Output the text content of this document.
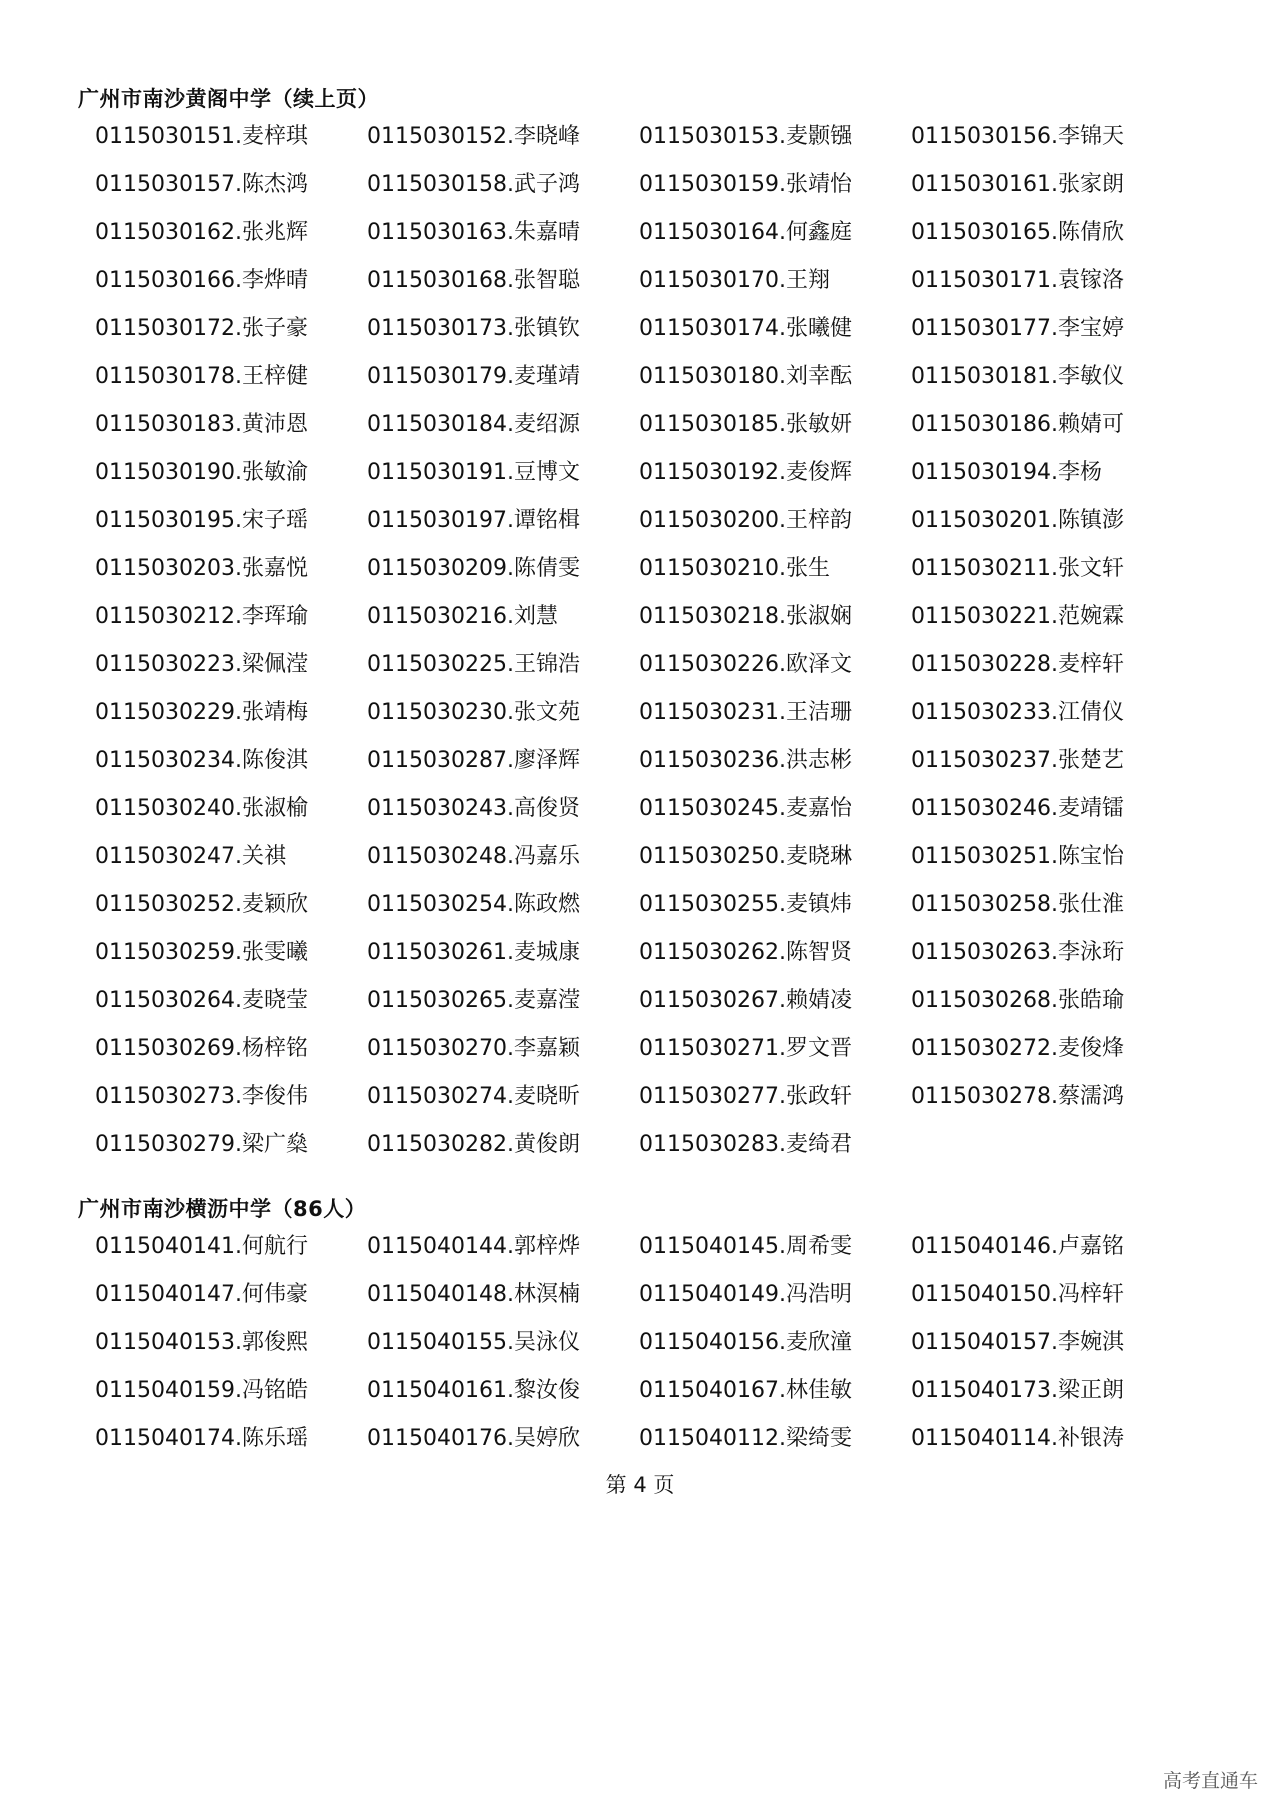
广州市南沙黄阁中学（续上页）
0115030151.麦梓琪	0115030152.李晓峰	0115030153.麦颢镪	0115030156.李锦天
0115030157.陈杰鸿	0115030158.武子鸿	0115030159.张靖怡	0115030161.张家朗
0115030162.张兆辉	0115030163.朱嘉晴	0115030164.何鑫庭	0115030165.陈倩欣
0115030166.李烨晴	0115030168.张智聪	0115030170.王翔	0115030171.袁镓洛
0115030172.张子豪	0115030173.张镇钦	0115030174.张曦健	0115030177.李宝婷
0115030178.王梓健	0115030179.麦瑾靖	0115030180.刘幸酝	0115030181.李敏仪
0115030183.黄沛恩	0115030184.麦绍源	0115030185.张敏妍	0115030186.赖婧可
0115030190.张敏渝	0115030191.豆博文	0115030192.麦俊辉	0115030194.李杨
0115030195.宋子瑶	0115030197.谭铭楫	0115030200.王梓韵	0115030201.陈镇澎
0115030203.张嘉悦	0115030209.陈倩雯	0115030210.张生	0115030211.张文轩
0115030212.李珲瑜	0115030216.刘慧	0115030218.张淑娴	0115030221.范婉霖
0115030223.梁佩滢	0115030225.王锦浩	0115030226.欧泽文	0115030228.麦梓轩
0115030229.张靖梅	0115030230.张文苑	0115030231.王洁珊	0115030233.江倩仪
0115030234.陈俊淇	0115030287.廖泽辉	0115030236.洪志彬	0115030237.张楚艺
0115030240.张淑榆	0115030243.高俊贤	0115030245.麦嘉怡	0115030246.麦靖镭
0115030247.关祺	0115030248.冯嘉乐	0115030250.麦晓琳	0115030251.陈宝怡
0115030252.麦颖欣	0115030254.陈政燃	0115030255.麦镇炜	0115030258.张仕淮
0115030259.张雯曦	0115030261.麦城康	0115030262.陈智贤	0115030263.李泳珩
0115030264.麦晓莹	0115030265.麦嘉滢	0115030267.赖婧凌	0115030268.张皓瑜
0115030269.杨梓铭	0115030270.李嘉颖	0115030271.罗文晋	0115030272.麦俊烽
0115030273.李俊伟	0115030274.麦晓昕	0115030277.张政轩	0115030278.蔡濡鸿
0115030279.梁广燊	0115030282.黄俊朗	0115030283.麦绮君
广州市南沙横沥中学（86人）
0115040141.何航行	0115040144.郭梓烨	0115040145.周希雯	0115040146.卢嘉铭
0115040147.何伟豪	0115040148.林溟楠	0115040149.冯浩明	0115040150.冯梓轩
0115040153.郭俊熙	0115040155.吴泳仪	0115040156.麦欣潼	0115040157.李婉淇
0115040159.冯铭皓	0115040161.黎汝俊	0115040167.林佳敏	0115040173.梁正朗
0115040174.陈乐瑶	0115040176.吴婷欣	0115040112.梁绮雯	0115040114.补银涛
第 4 页
高考直通车
